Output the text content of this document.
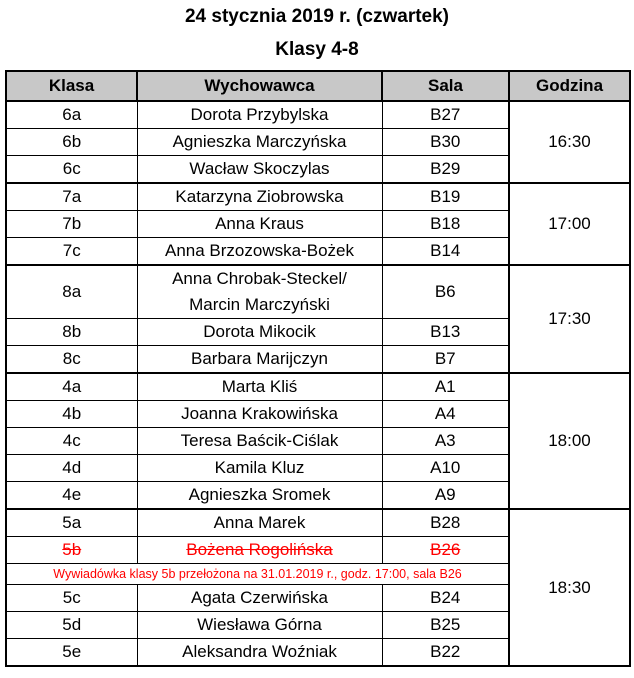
24 stycznia 2019 r. (czwartek)
Klasy 4-8
Klasa	Wychowawca	Sala	Godzina
6a	Dorota Przybylska	B27	16:30
6b	Agnieszka Marczyńska	B30	
6c	Wacław Skoczylas	B29	
7a	Katarzyna Ziobrowska	B19	17:00
7b	Anna Kraus	B18	
7c	Anna Brzozowska-Bożek	B14	
8a	Anna Chrobak-Steckel/
Marcin Marczyński	B6	17:30
8b	Dorota Mikocik	B13	
8c	Barbara Marijczyn	B7	
4a	Marta Kliś	A1	18:00
4b	Joanna Krakowińska	A4	
4c	Teresa Baścik-Ciślak	A3	
4d	Kamila Kluz	A10	
4e	Agnieszka Sromek	A9	
5a	Anna Marek	B28	18:30
5b	Bożena Rogolińska	B26	
Wywiadówka klasy 5b przełożona na 31.01.2019 r., godz. 17:00, sala B26			
5c	Agata Czerwińska	B24	
5d	Wiesława Górna	B25	
5e	Aleksandra Woźniak	B22	
